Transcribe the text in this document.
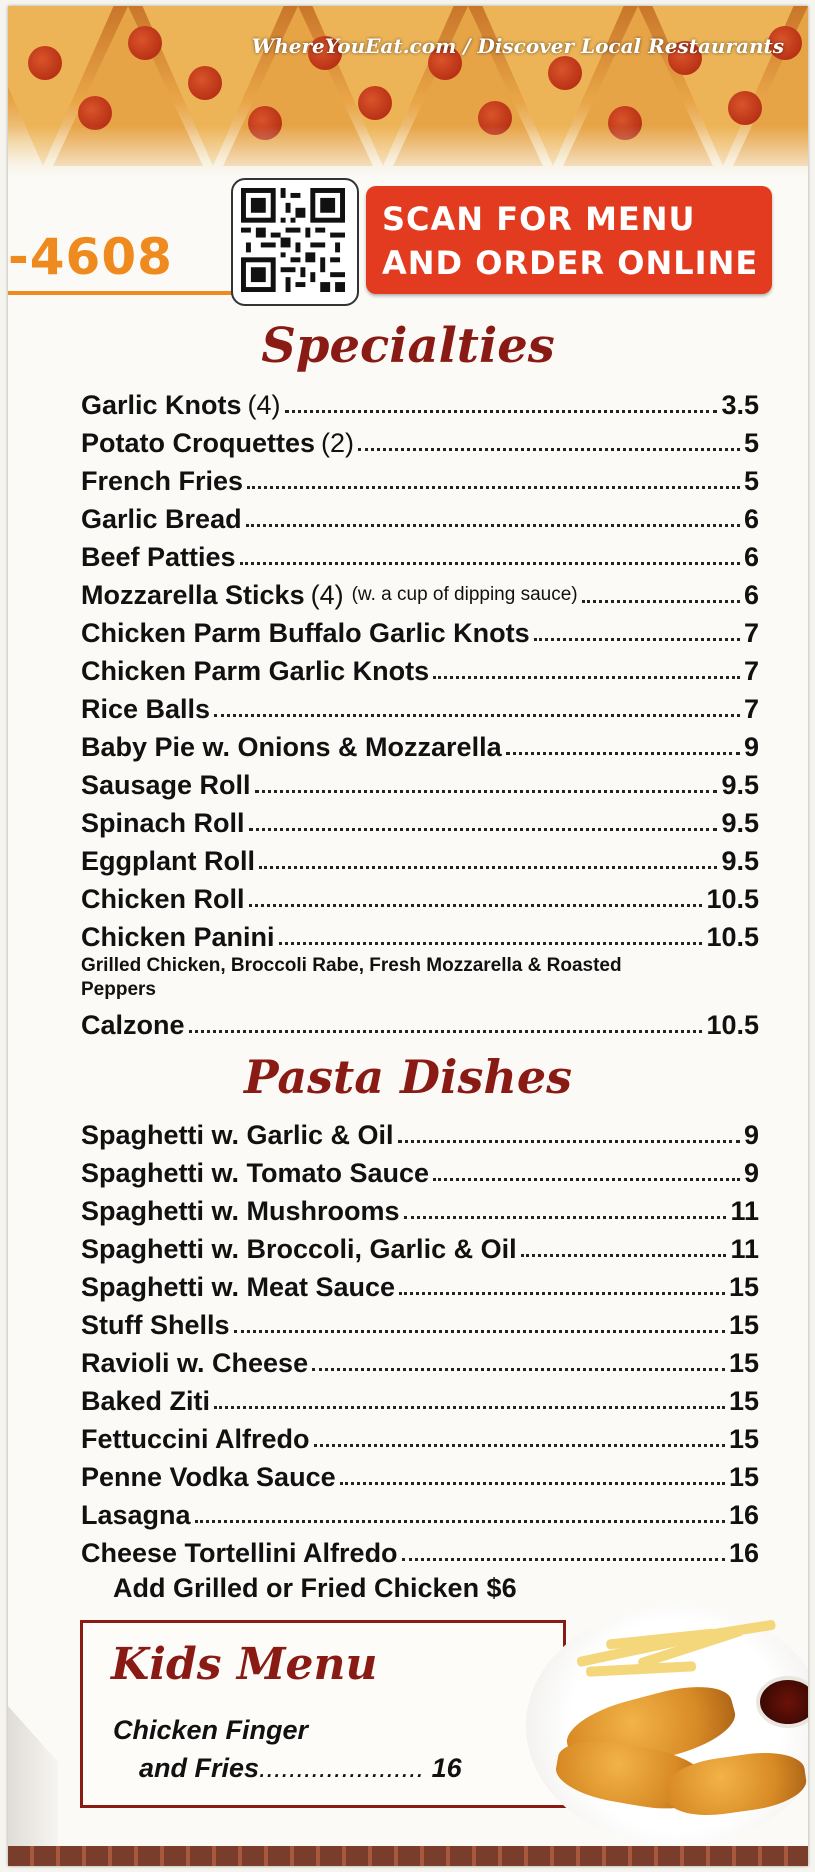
WhereYouEat.com / Discover Local Restaurants
-4608
SCAN FOR MENU
AND ORDER ONLINE
Specialties
Garlic Knots (4)	3.5
Potato Croquettes (2)	5
French Fries	5
Garlic Bread	6
Beef Patties	6
Mozzarella Sticks (4) (w. a cup of dipping sauce)	6
Chicken Parm Buffalo Garlic Knots	7
Chicken Parm Garlic Knots	7
Rice Balls	7
Baby Pie w. Onions & Mozzarella	9
Sausage Roll	9.5
Spinach Roll	9.5
Eggplant Roll	9.5
Chicken Roll	10.5
Chicken Panini	10.5
Grilled Chicken, Broccoli Rabe, Fresh Mozzarella & Roasted Peppers
Calzone	10.5
Pasta Dishes
Spaghetti w. Garlic & Oil	9
Spaghetti w. Tomato Sauce	9
Spaghetti w. Mushrooms	11
Spaghetti w. Broccoli, Garlic & Oil	11
Spaghetti w. Meat Sauce	15
Stuff Shells	15
Ravioli w. Cheese	15
Baked Ziti	15
Fettuccini Alfredo	15
Penne Vodka Sauce	15
Lasagna	16
Cheese Tortellini Alfredo	16
Add Grilled or Fried Chicken $6
Kids Menu
Chicken Finger
and Fries...................... 16
